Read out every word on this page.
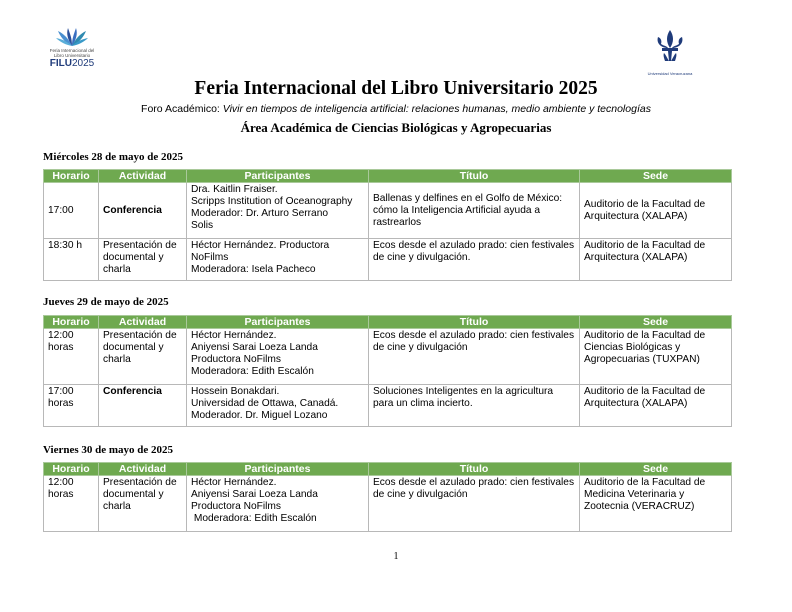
Feria Internacional del
Libro Universitario
FILU2025
Universidad Veracruzana
Feria Internacional del Libro Universitario 2025
Foro Académico: Vivir en tiempos de inteligencia artificial: relaciones humanas, medio ambiente y tecnologías
Área Académica de Ciencias Biológicas y Agropecuarias
Miércoles 28 de mayo de 2025
Horario	Actividad	Participantes	Título	Sede
17:00	Conferencia	Dra. Kaitlin Fraiser.
Scripps Institution of Oceanography
Moderador: Dr. Arturo Serrano
Solis	Ballenas y delfines en el Golfo de México: cómo la Inteligencia Artificial ayuda a rastrearlos	Auditorio de la Facultad de Arquitectura (XALAPA)
18:30 h	Presentación de documental y charla	Héctor Hernández. Productora
NoFilms
Moderadora: Isela Pacheco	Ecos desde el azulado prado: cien festivales de cine y divulgación.	Auditorio de la Facultad de Arquitectura (XALAPA)
Jueves 29 de mayo de 2025
Horario	Actividad	Participantes	Título	Sede
12:00 horas	Presentación de documental y charla	Héctor Hernández.
Aniyensi Sarai Loeza Landa
Productora NoFilms
Moderadora: Edith Escalón	Ecos desde el azulado prado: cien festivales de cine y divulgación	Auditorio de la Facultad de Ciencias Biológicas y Agropecuarias (TUXPAN)
17:00 horas	Conferencia	Hossein Bonakdari.
Universidad de Ottawa, Canadá.
Moderador. Dr. Miguel Lozano	Soluciones Inteligentes en la agricultura para un clima incierto.	Auditorio de la Facultad de Arquitectura (XALAPA)
Viernes 30 de mayo de 2025
Horario	Actividad	Participantes	Título	Sede
12:00 horas	Presentación de documental y charla	Héctor Hernández.
Aniyensi Sarai Loeza Landa
Productora NoFilms
Moderadora: Edith Escalón	Ecos desde el azulado prado: cien festivales de cine y divulgación	Auditorio de la Facultad de Medicina Veterinaria y Zootecnia (VERACRUZ)
1
